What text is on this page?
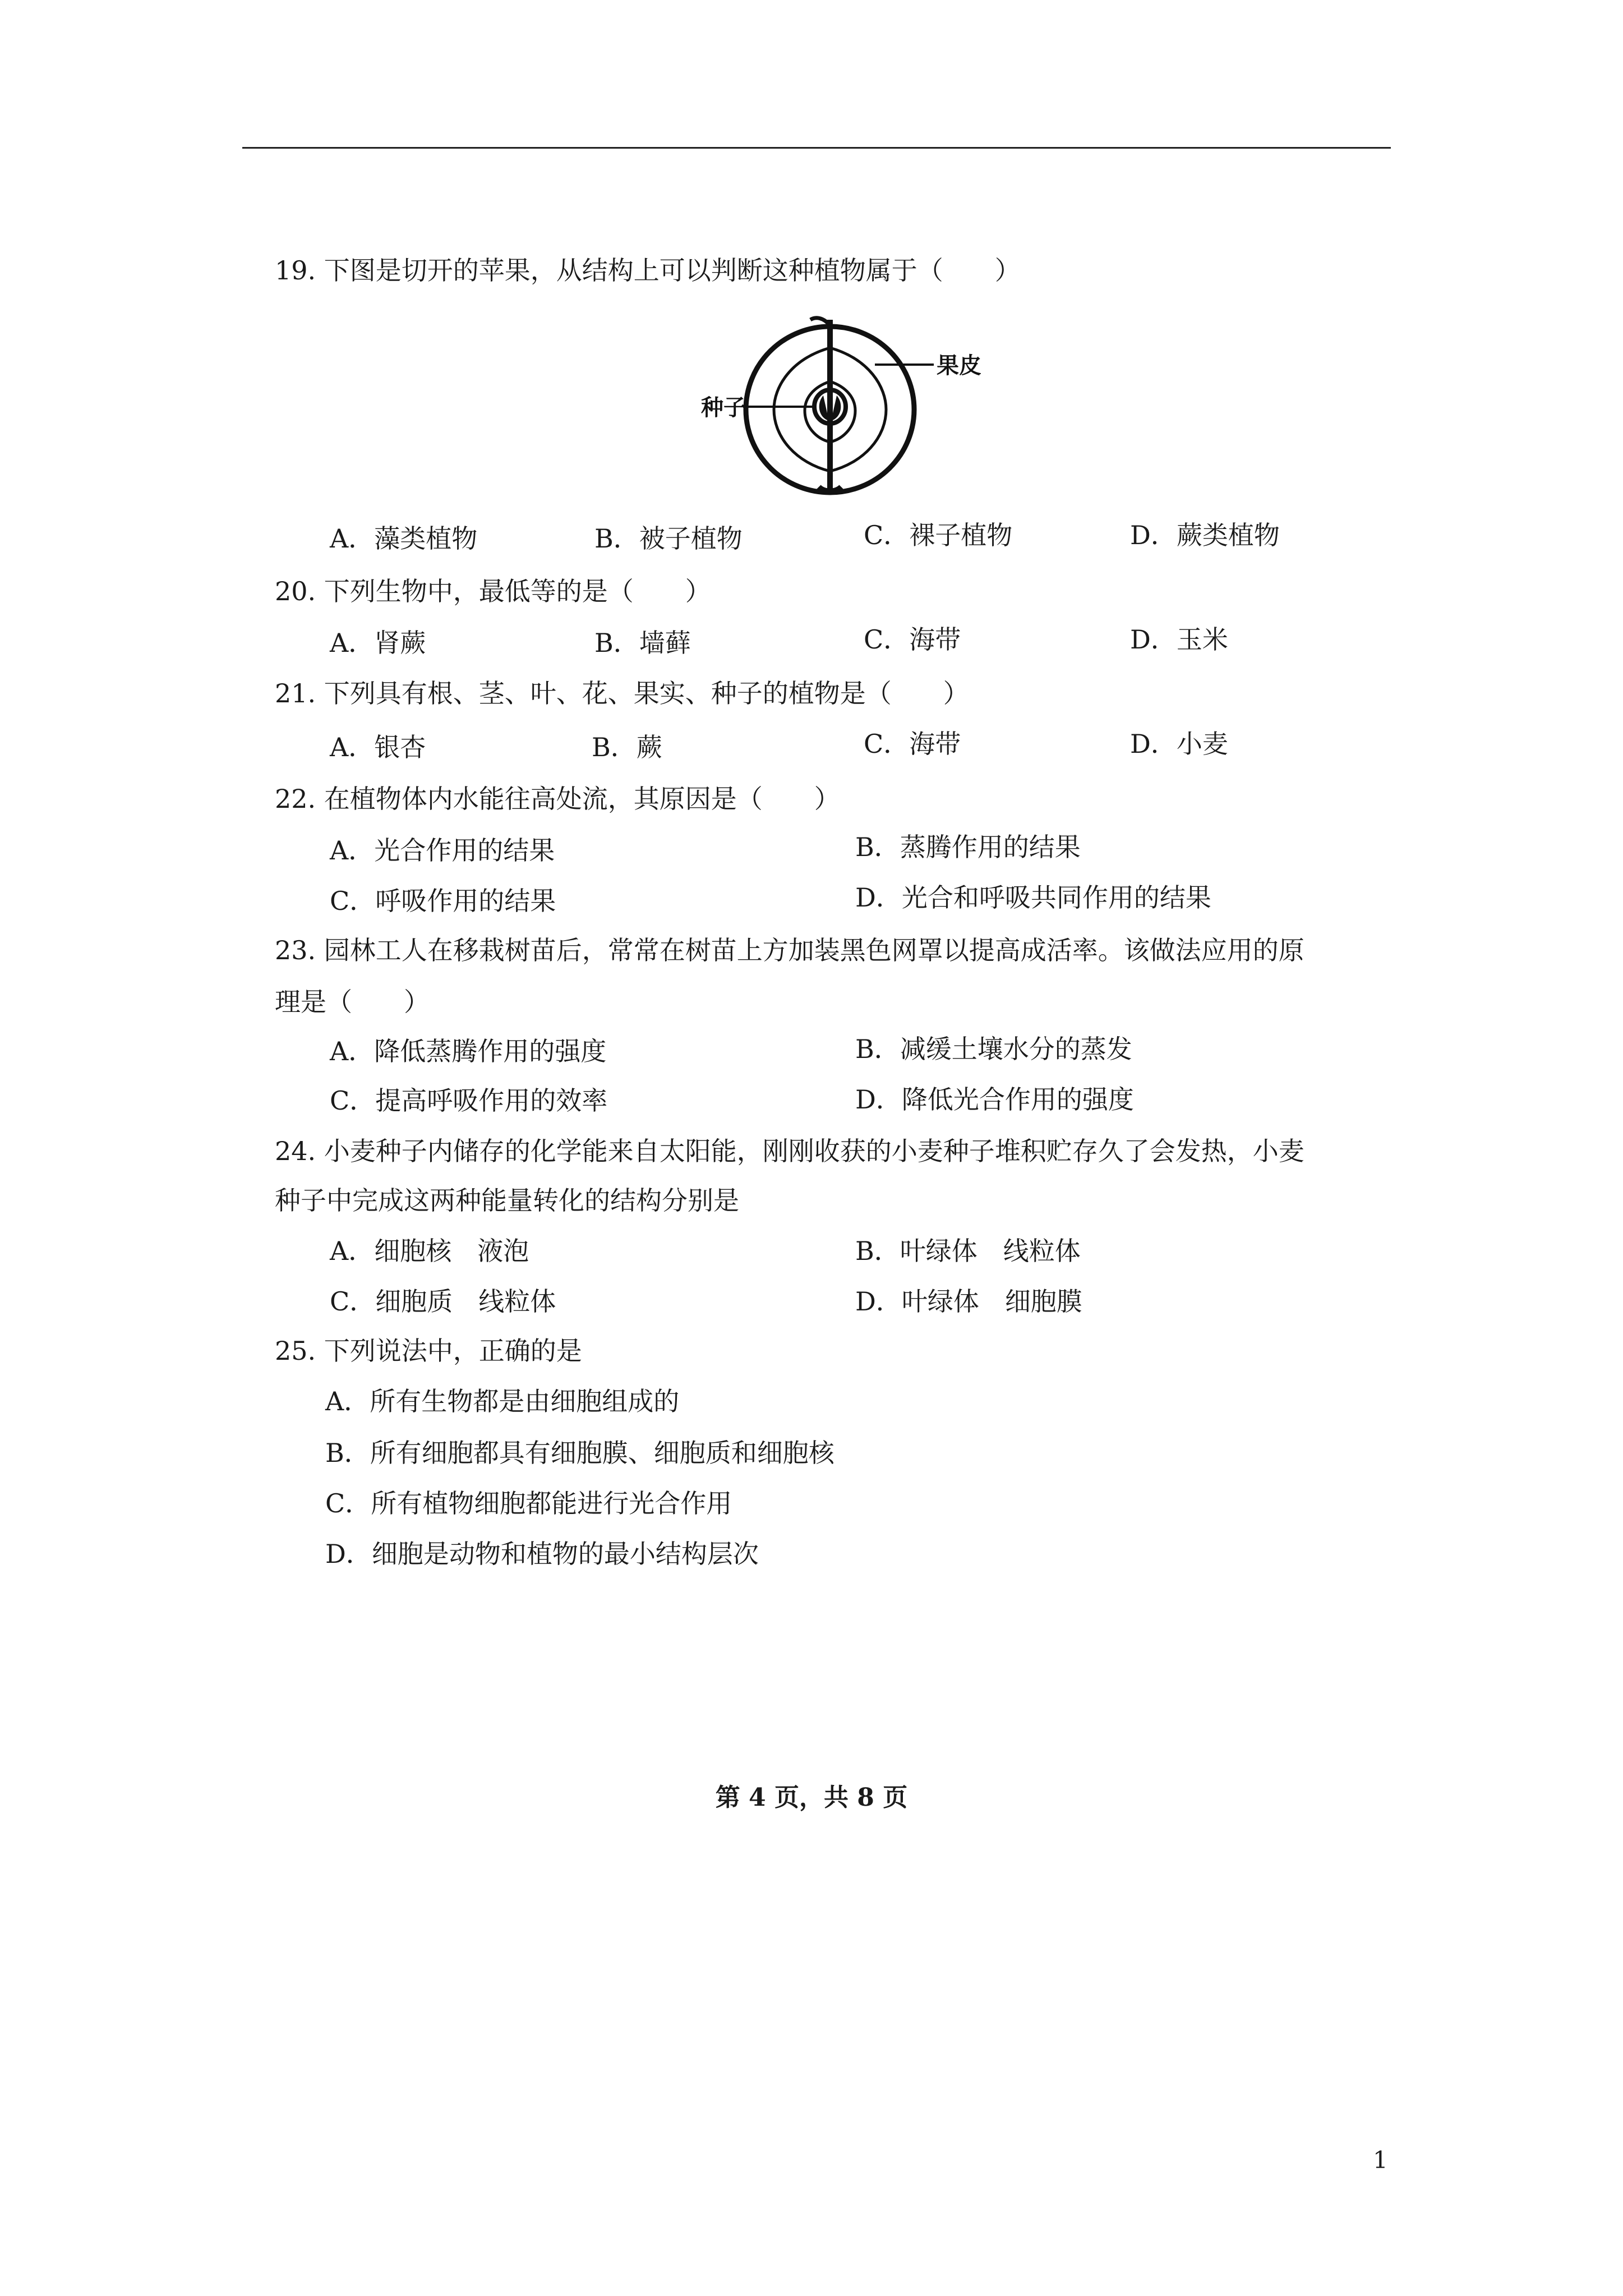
19. 下图是切开的苹果，从结构上可以判断这种植物属于（　　）
果皮
种子
A．藻类植物	B．被子植物	C．裸子植物	D．蕨类植物
20. 下列生物中，最低等的是（　　）
A．肾蕨	B．墙藓	C．海带	D．玉米
21. 下列具有根、茎、叶、花、果实、种子的植物是（　　）
A．银杏	B．蕨	C．海带	D．小麦
22. 在植物体内水能往高处流，其原因是（　　）
A．光合作用的结果	B．蒸腾作用的结果
C．呼吸作用的结果	D．光合和呼吸共同作用的结果
23. 园林工人在移栽树苗后，常常在树苗上方加装黑色网罩以提高成活率。该做法应用的原
理是（　　）
A．降低蒸腾作用的强度	B．减缓土壤水分的蒸发
C．提高呼吸作用的效率	D．降低光合作用的强度
24. 小麦种子内储存的化学能来自太阳能，刚刚收获的小麦种子堆积贮存久了会发热，小麦
种子中完成这两种能量转化的结构分别是
A．细胞核　液泡	B．叶绿体　线粒体
C．细胞质　线粒体	D．叶绿体　细胞膜
25. 下列说法中，正确的是
A．所有生物都是由细胞组成的
B．所有细胞都具有细胞膜、细胞质和细胞核
C．所有植物细胞都能进行光合作用
D．细胞是动物和植物的最小结构层次
第 4 页，共 8 页
1
